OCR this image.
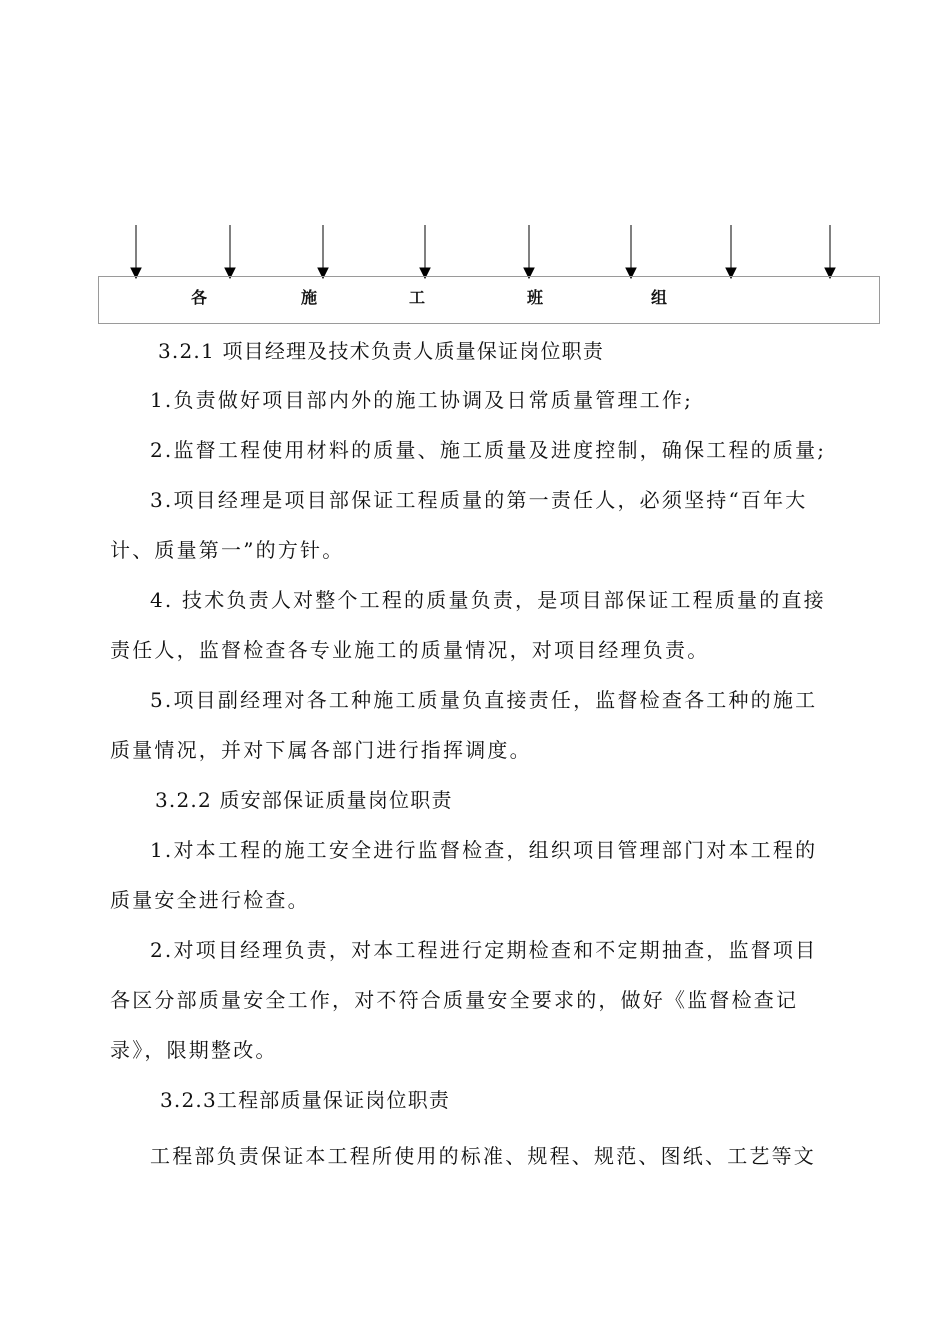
各	施	工	班	组
3.2.1 项目经理及技术负责人质量保证岗位职责
1.负责做好项目部内外的施工协调及日常质量管理工作;
2.监督工程使用材料的质量、施工质量及进度控制，确保工程的质量;
3.项目经理是项目部保证工程质量的第一责任人，必须坚持“百年大
计、质量第一”的方针。
4. 技术负责人对整个工程的质量负责，是项目部保证工程质量的直接
责任人，监督检查各专业施工的质量情况，对项目经理负责。
5.项目副经理对各工种施工质量负直接责任，监督检查各工种的施工
质量情况，并对下属各部门进行指挥调度。
3.2.2 质安部保证质量岗位职责
1.对本工程的施工安全进行监督检查，组织项目管理部门对本工程的
质量安全进行检查。
2.对项目经理负责，对本工程进行定期检查和不定期抽查，监督项目
各区分部质量安全工作，对不符合质量安全要求的，做好《监督检查记
录》，限期整改。
3.2.3工程部质量保证岗位职责
工程部负责保证本工程所使用的标准、规程、规范、图纸、工艺等文
